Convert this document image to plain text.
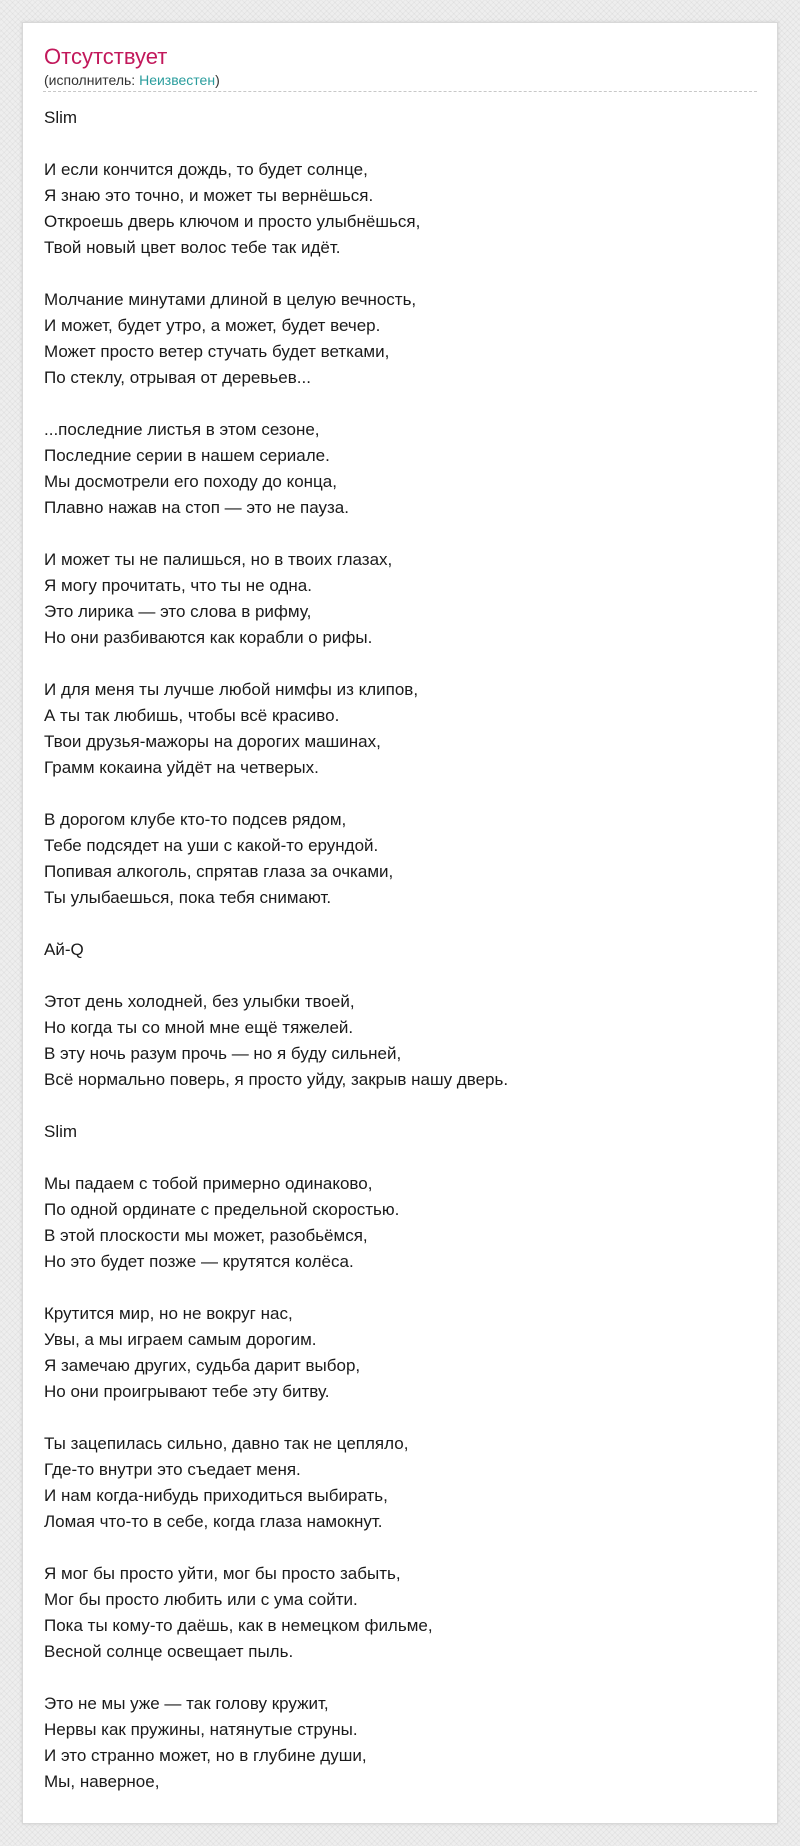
Отсутствует
(исполнитель: Неизвестен)
Slim
И если кончится дождь, то будет солнце,
Я знаю это точно, и может ты вернёшься.
Откроешь дверь ключом и просто улыбнёшься,
Твой новый цвет волос тебе так идёт.
Молчание минутами длиной в целую вечность,
И может, будет утро, а может, будет вечер.
Может просто ветер стучать будет ветками,
По стеклу, отрывая от деревьев...
...последние листья в этом сезоне,
Последние серии в нашем сериале.
Мы досмотрели его походу до конца,
Плавно нажав на стоп — это не пауза.
И может ты не палишься, но в твоих глазах,
Я могу прочитать, что ты не одна.
Это лирика — это слова в рифму,
Но они разбиваются как корабли о рифы.
И для меня ты лучше любой нимфы из клипов,
А ты так любишь, чтобы всё красиво.
Твои друзья-мажоры на дорогих машинах,
Грамм кокаина уйдёт на четверых.
В дорогом клубе кто-то подсев рядом,
Тебе подсядет на уши с какой-то ерундой.
Попивая алкоголь, спрятав глаза за очками,
Ты улыбаешься, пока тебя снимают.
Ай-Q
Этот день холодней, без улыбки твоей,
Но когда ты со мной мне ещё тяжелей.
В эту ночь разум прочь — но я буду сильней,
Всё нормально поверь, я просто уйду, закрыв нашу дверь.
Slim
Мы падаем с тобой примерно одинаково,
По одной ординате с предельной скоростью.
В этой плоскости мы может, разобьёмся,
Но это будет позже — крутятся колёса.
Крутится мир, но не вокруг нас,
Увы, а мы играем самым дорогим.
Я замечаю других, судьба дарит выбор,
Но они проигрывают тебе эту битву.
Ты зацепилась сильно, давно так не цепляло,
Где-то внутри это съедает меня.
И нам когда-нибудь приходиться выбирать,
Ломая что-то в себе, когда глаза намокнут.
Я мог бы просто уйти, мог бы просто забыть,
Мог бы просто любить или с ума сойти.
Пока ты кому-то даёшь, как в немецком фильме,
Весной солнце освещает пыль.
Это не мы уже — так голову кружит,
Нервы как пружины, натянутые струны.
И это странно может, но в глубине души,
Мы, наверное,
